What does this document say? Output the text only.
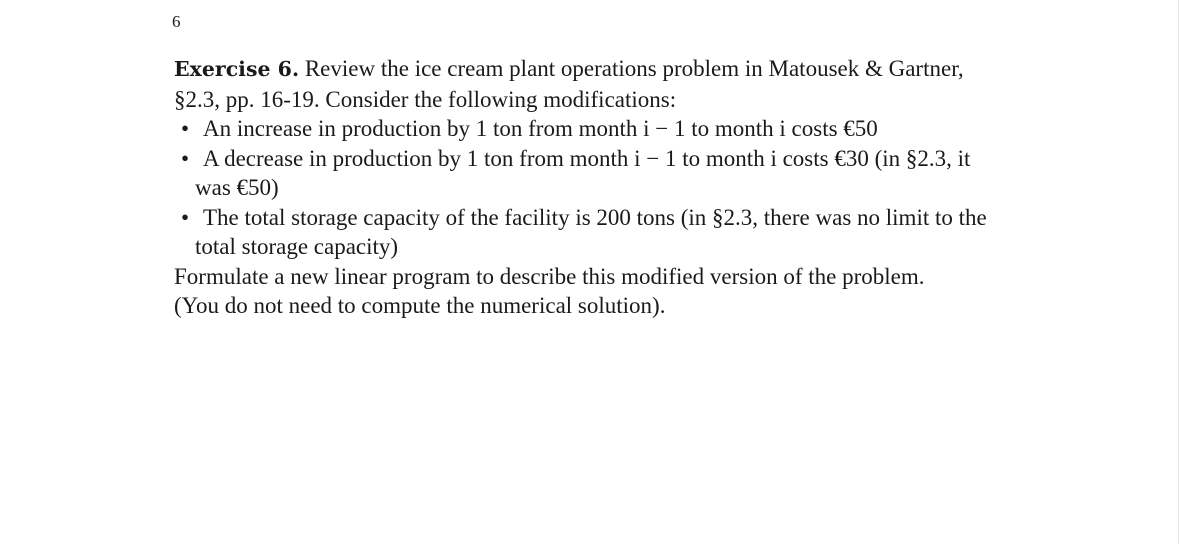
6

Exercise 6. Review the ice cream plant operations problem in Matousek & Gartner,
§2.3, pp. 16-19. Consider the following modifications:

• An increase in production by 1 ton from month i − 1 to month i costs €50
• A decrease in production by 1 ton from month i − 1 to month i costs €30 (in §2.3, it was €50)
• The total storage capacity of the facility is 200 tons (in §2.3, there was no limit to the total storage capacity)

Formulate a new linear program to describe this modified version of the problem.
(You do not need to compute the numerical solution).
